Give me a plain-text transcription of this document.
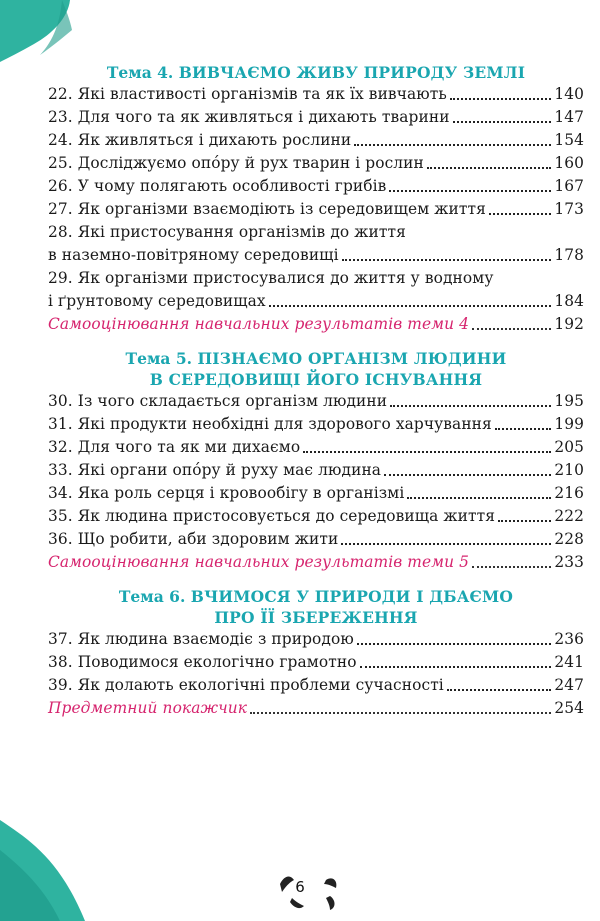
Тема 4. ВИВЧАЄМО ЖИВУ ПРИРОДУ ЗЕМЛІ
22. Які властивості організмів та як їх вивчають	140
23. Для чого та як живляться і дихають тварини	147
24. Як живляться і дихають рослини	154
25. Досліджуємо опо́ру й рух тварин і рослин	160
26. У чому полягають особливості грибів	167
27. Як організми взаємодіють із середовищем життя	173
28. Які пристосування організмів до життя
в наземно-повітряному середовищі	178
29. Як організми пристосувалися до життя у водному
і ґрунтовому середовищах	184
Самооцінювання навчальних результатів теми 4	192
Тема 5. ПІЗНАЄМО ОРГАНІЗМ ЛЮДИНИ
В СЕРЕДОВИЩІ ЙОГО ІСНУВАННЯ
30. Із чого складається організм людини	195
31. Які продукти необхідні для здорового харчування	199
32. Для чого та як ми дихаємо	205
33. Які органи опо́ру й руху має людина	210
34. Яка роль серця і кровообігу в організмі	216
35. Як людина пристосовується до середовища життя	222
36. Що робити, аби здоровим жити	228
Самооцінювання навчальних результатів теми 5	233
Тема 6. ВЧИМОСЯ У ПРИРОДИ І ДБАЄМО
ПРО ЇЇ ЗБЕРЕЖЕННЯ
37. Як людина взаємодіє з природою	236
38. Поводимося екологічно грамотно	241
39. Як долають екологічні проблеми сучасності	247
Предметний покажчик	254
6
